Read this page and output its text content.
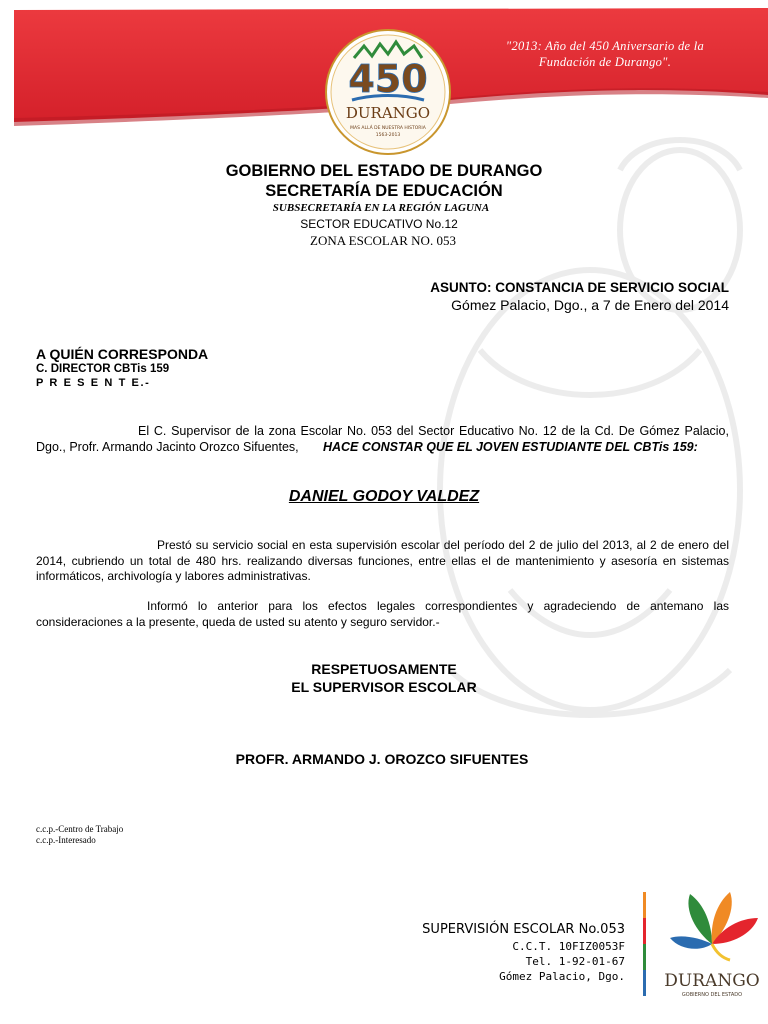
"2013: Año del 450 Aniversario de la
Fundación de Durango".
450
DURANGO
MAS ALLÁ DE NUESTRA HISTORIA
1563-2013
GOBIERNO DEL ESTADO DE DURANGO
SECRETARÍA DE EDUCACIÓN
SUBSECRETARÍA EN LA REGIÓN LAGUNA
SECTOR EDUCATIVO No.12
ZONA ESCOLAR NO. 053
ASUNTO: CONSTANCIA DE SERVICIO SOCIAL
Gómez Palacio, Dgo., a 7 de Enero del 2014
A QUIÉN CORRESPONDA
C. DIRECTOR CBTis 159
P R E S E N T E.-
El C. Supervisor de la zona Escolar No. 053 del Sector Educativo No. 12 de la Cd. De Gómez Palacio, Dgo., Profr. Armando Jacinto Orozco Sifuentes, HACE CONSTAR QUE EL JOVEN ESTUDIANTE DEL CBTis 159:
DANIEL GODOY VALDEZ
Prestó su servicio social en esta supervisión escolar del período del 2 de julio del 2013, al 2 de enero del 2014, cubriendo un total de 480 hrs. realizando diversas funciones, entre ellas el de mantenimiento y asesoría en sistemas informáticos, archivología y labores administrativas.
Informó lo anterior para los efectos legales correspondientes y agradeciendo de antemano las consideraciones a la presente, queda de usted su atento y seguro servidor.-
RESPETUOSAMENTE
EL SUPERVISOR ESCOLAR
PROFR. ARMANDO J. OROZCO SIFUENTES
c.c.p.-Centro de Trabajo
c.c.p.-Interesado
SUPERVISIÓN ESCOLAR No.053
C.C.T. 10FIZ0053F
Tel. 1-92-01-67
Gómez Palacio, Dgo. DURANGO
GOBIERNO DEL ESTADO
